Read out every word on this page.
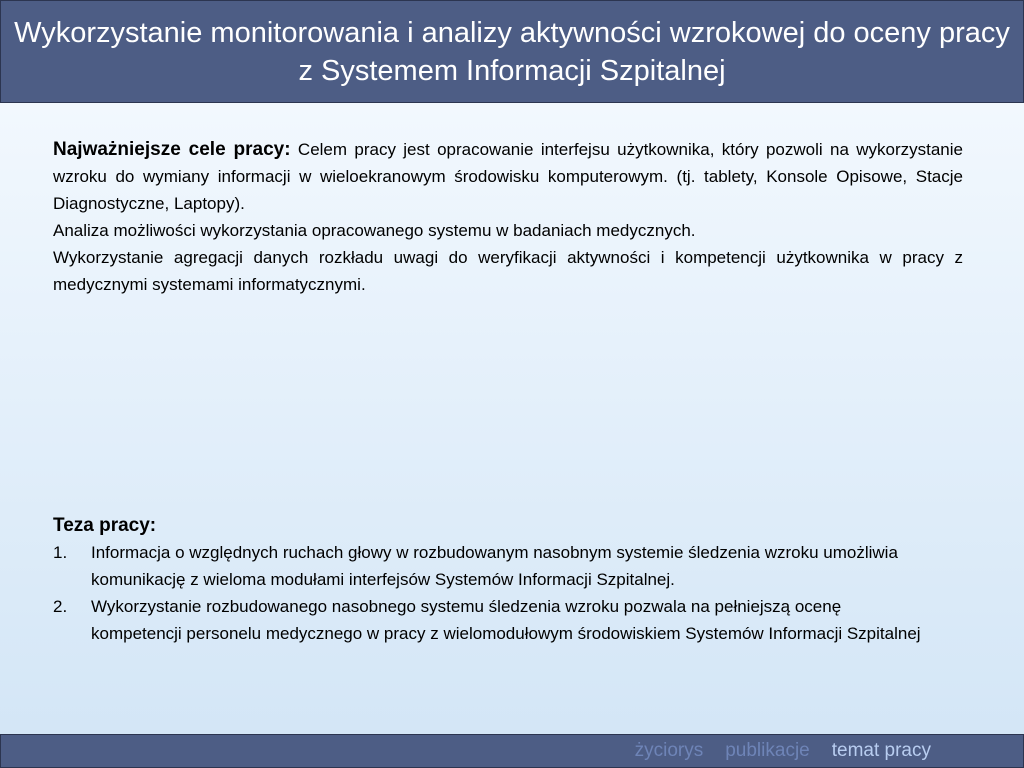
Wykorzystanie monitorowania i analizy aktywności wzrokowej do oceny pracy z Systemem Informacji Szpitalnej

Najważniejsze cele pracy: Celem pracy jest opracowanie interfejsu użytkownika, który pozwoli na wykorzystanie wzroku do wymiany informacji w wieloekranowym środowisku komputerowym. (tj. tablety, Konsole Opisowe, Stacje Diagnostyczne, Laptopy).

Analiza możliwości wykorzystania opracowanego systemu w badaniach medycznych.

Wykorzystanie agregacji danych rozkładu uwagi do weryfikacji aktywności i kompetencji użytkownika w pracy z medycznymi systemami informatycznymi.

Teza pracy:

1.	Informacja o względnych ruchach głowy w rozbudowanym nasobnym systemie śledzenia wzroku umożliwia komunikację z wieloma modułami interfejsów Systemów Informacji Szpitalnej.
2.	Wykorzystanie rozbudowanego nasobnego systemu śledzenia wzroku pozwala na pełniejszą ocenę kompetencji personelu medycznego w pracy z wielomodułowym środowiskiem Systemów Informacji Szpitalnej
życiorys publikacje temat pracy
